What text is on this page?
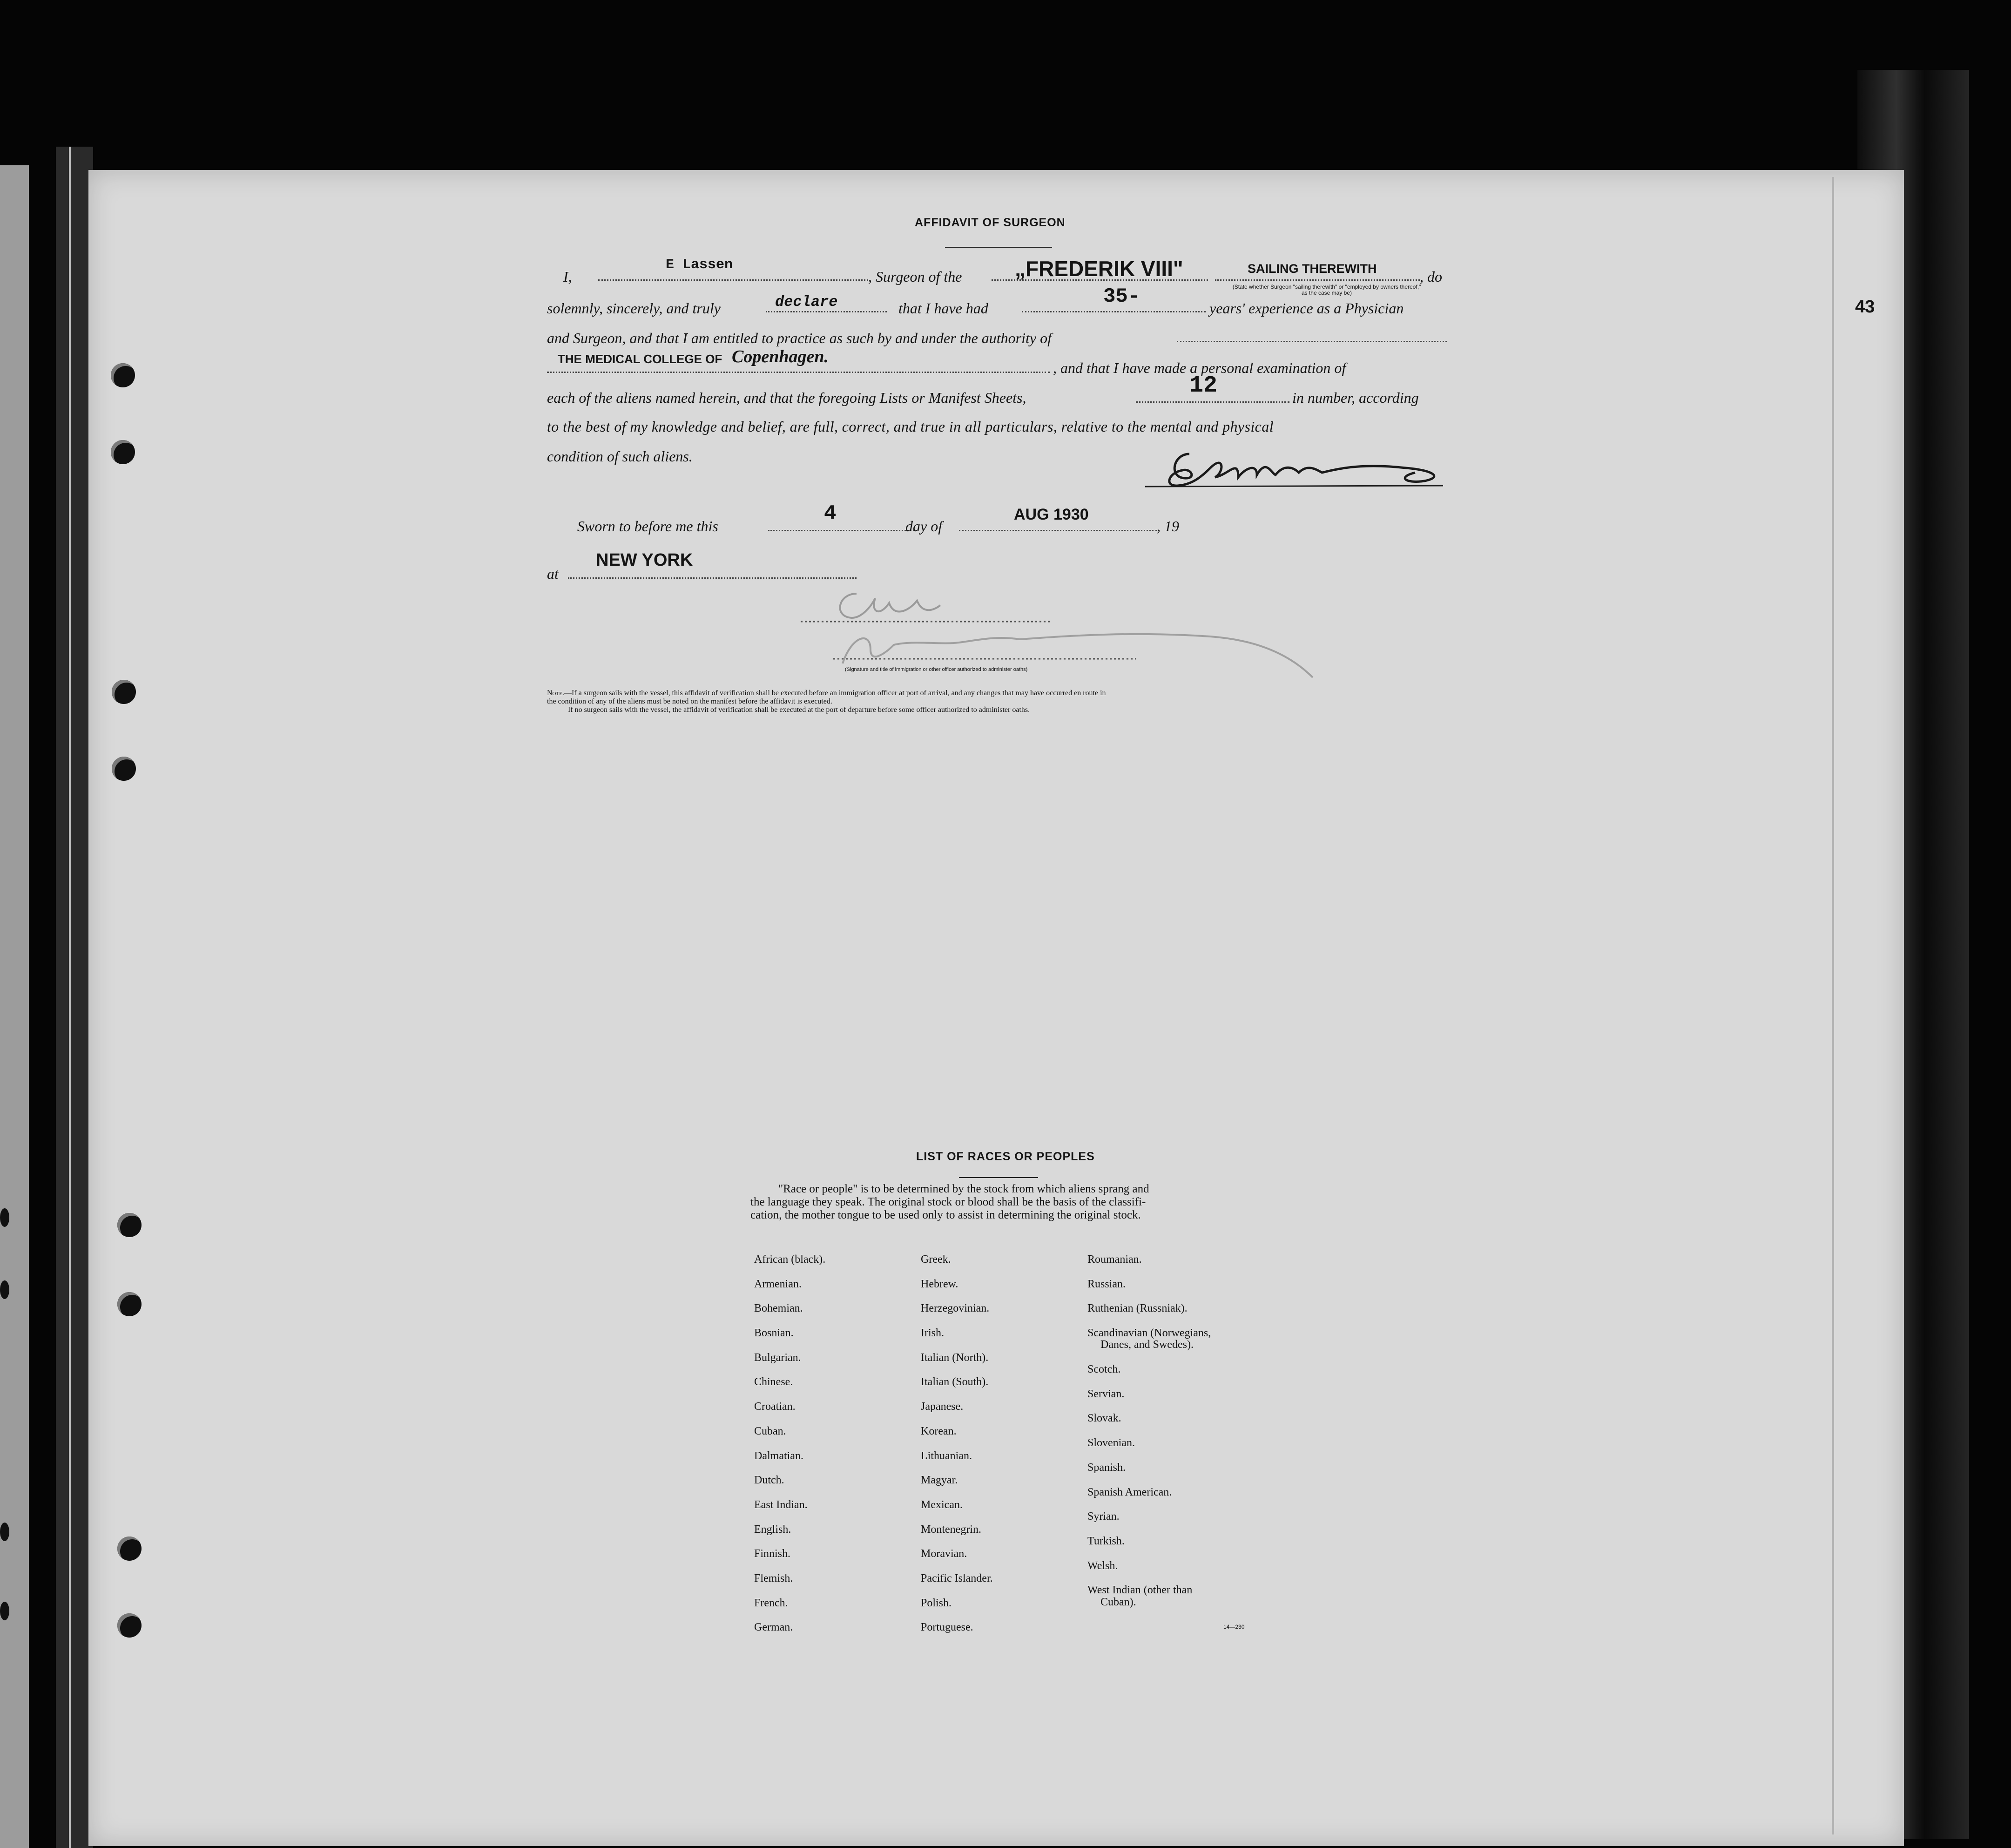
43
AFFIDAVIT OF SURGEON
I,
E Lassen
, Surgeon of the „FREDERIK VIII"	SAILING THEREWITH	, do
(State whether Surgeon "sailing therewith" or "employed by owners thereof," as the case may be)
solemnly, sincerely, and truly	declare	that I have had	35-	years' experience as a Physician
and Surgeon, and that I am entitled to practice as such by and under the authority of
THE MEDICAL COLLEGE OF Copenhagen.
, and that I have made a personal examination of
each of the aliens named herein, and that the foregoing Lists or Manifest Sheets,	12	in number, according
to the best of my knowledge and belief, are full, correct, and true in all particulars, relative to the mental and physical
condition of such aliens.
Sworn to before me this
4
day of
AUG 1930
, 19
at
NEW YORK
(Signature and title of immigration or other officer authorized to administer oaths)
Note.—If a surgeon sails with the vessel, this affidavit of verification shall be executed before an immigration officer at port of arrival, and any changes that may have occurred en route in
the condition of any of the aliens must be noted on the manifest before the affidavit is executed.
If no surgeon sails with the vessel, the affidavit of verification shall be executed at the port of departure before some officer authorized to administer oaths.
LIST OF RACES OR PEOPLES
"Race or people" is to be determined by the stock from which aliens sprang and
the language they speak. The original stock or blood shall be the basis of the classifi-
cation, the mother tongue to be used only to assist in determining the original stock.
14—230
African (black).
Armenian.
Bohemian.
Bosnian.
Bulgarian.
Chinese.
Croatian.
Cuban.
Dalmatian.
Dutch.
East Indian.
English.
Finnish.
Flemish.
French.
German.
Greek.
Hebrew.
Herzegovinian.
Irish.
Italian (North).
Italian (South).
Japanese.
Korean.
Lithuanian.
Magyar.
Mexican.
Montenegrin.
Moravian.
Pacific Islander.
Polish.
Portuguese.
Roumanian.
Russian.
Ruthenian (Russniak).
Scandinavian (Norwegians,
Danes, and Swedes).
Scotch.
Servian.
Slovak.
Slovenian.
Spanish.
Spanish American.
Syrian.
Turkish.
Welsh.
West Indian (other than
Cuban).
